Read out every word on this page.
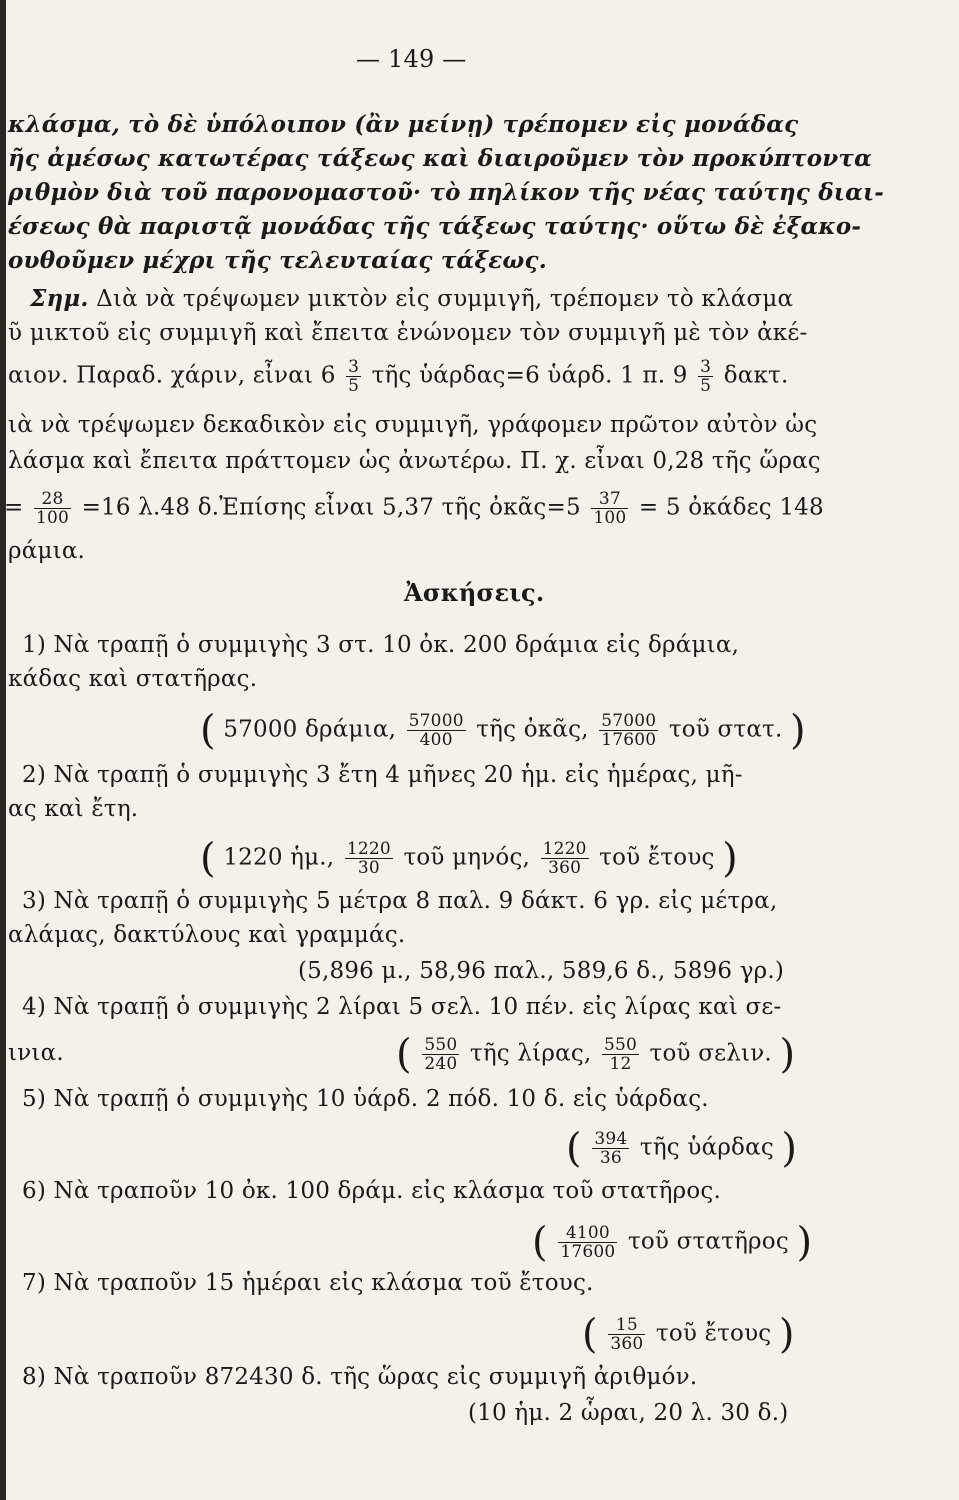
— 149 —
κλάσμα, τὸ δὲ ὑπόλοιπον (ἂν μείνῃ) τρέπομεν εἰς μονάδας
ῆς ἀμέσως κατωτέρας τάξεως καὶ διαιροῦμεν τὸν προκύπτοντα
ριθμὸν διὰ τοῦ παρονομαστοῦ· τὸ πηλίκον τῆς νέας ταύτης διαι-
έσεως θὰ παριστᾷ μονάδας τῆς τάξεως ταύτης· οὕτω δὲ ἐξακο-
ουθοῦμεν μέχρι τῆς τελευταίας τάξεως.
Σημ. Διὰ νὰ τρέψωμεν μικτὸν εἰς συμμιγῆ, τρέπομεν τὸ κλάσμα
ῦ μικτοῦ εἰς συμμιγῆ καὶ ἔπειτα ἑνώνομεν τὸν συμμιγῆ μὲ τὸν ἀκέ-
αιον. Παραδ. χάριν, εἶναι $6 \frac{3}{5}$ τῆς ὑάρδας=6 ὑάρδ. 1 π. $9 \frac{3}{5} \delta\alpha\kappa\tau$.
ιὰ νὰ τρέψωμεν δεκαδικὸν εἰς συμμιγῆ, γράφομεν πρῶτον αὐτὸν ὡς
λάσμα καὶ ἔπειτα πράττομεν ὡς ἀνωτέρω. Π. χ. εἶναι 0,28 τῆς ὥρας
= $\frac{28}{100} =16$ λ.48 δ.Ἐπίσης εἶναι 5,37 τῆς ὀκᾶς=5 $\frac{37}{100} = 5$ ὀκάδες 148
ράμια.
Ἀσκήσεις.
1) Νὰ τραπῇ ὁ συμμιγὴς 3 στ. 10 ὀκ. 200 δράμια εἰς δράμια,
κάδας καὶ στατῆρας.
( 57000 δράμια, $\frac{57000}{400}$ τῆς ὀκᾶς, $\frac{57000}{17600}$ τοῦ στατ. )
2) Νὰ τραπῇ ὁ συμμιγὴς 3 ἔτη 4 μῆνες 20 ἡμ. εἰς ἡμέρας, μῆ-
ας καὶ ἔτη.
( 1220 ἡμ., $\frac{1220}{30}$ τοῦ μηνός, $\frac{1220}{360}$ τοῦ ἔτους )
3) Νὰ τραπῇ ὁ συμμιγὴς 5 μέτρα 8 παλ. 9 δάκτ. 6 γρ. εἰς μέτρα,
αλάμας, δακτύλους καὶ γραμμάς.
(5,896 μ., 58,96 παλ., 589,6 δ., 5896 γρ.)
4) Νὰ τραπῇ ὁ συμμιγὴς 2 λίραι 5 σελ. 10 πέν. εἰς λίρας καὶ σε-
ινια.	( $\frac{550}{240}$ τῆς λίρας, $\frac{550}{12}$ τοῦ σελιν. )
5) Νὰ τραπῇ ὁ συμμιγὴς 10 ὑάρδ. 2 πόδ. 10 δ. εἰς ὑάρδας.
( $\frac{394}{36}$ τῆς ὑάρδας )
6) Νὰ τραποῦν 10 ὀκ. 100 δράμ. εἰς κλάσμα τοῦ στατῆρος.
( $\frac{4100}{17600}$ τοῦ στατῆρος )
7) Νὰ τραποῦν 15 ἡμέραι εἰς κλάσμα τοῦ ἔτους.
( $\frac{15}{360}$ τοῦ ἔτους )
8) Νὰ τραποῦν 872430 δ. τῆς ὥρας εἰς συμμιγῆ ἀριθμόν.
(10 ἡμ. 2 ὧραι, 20 λ. 30 δ.)
